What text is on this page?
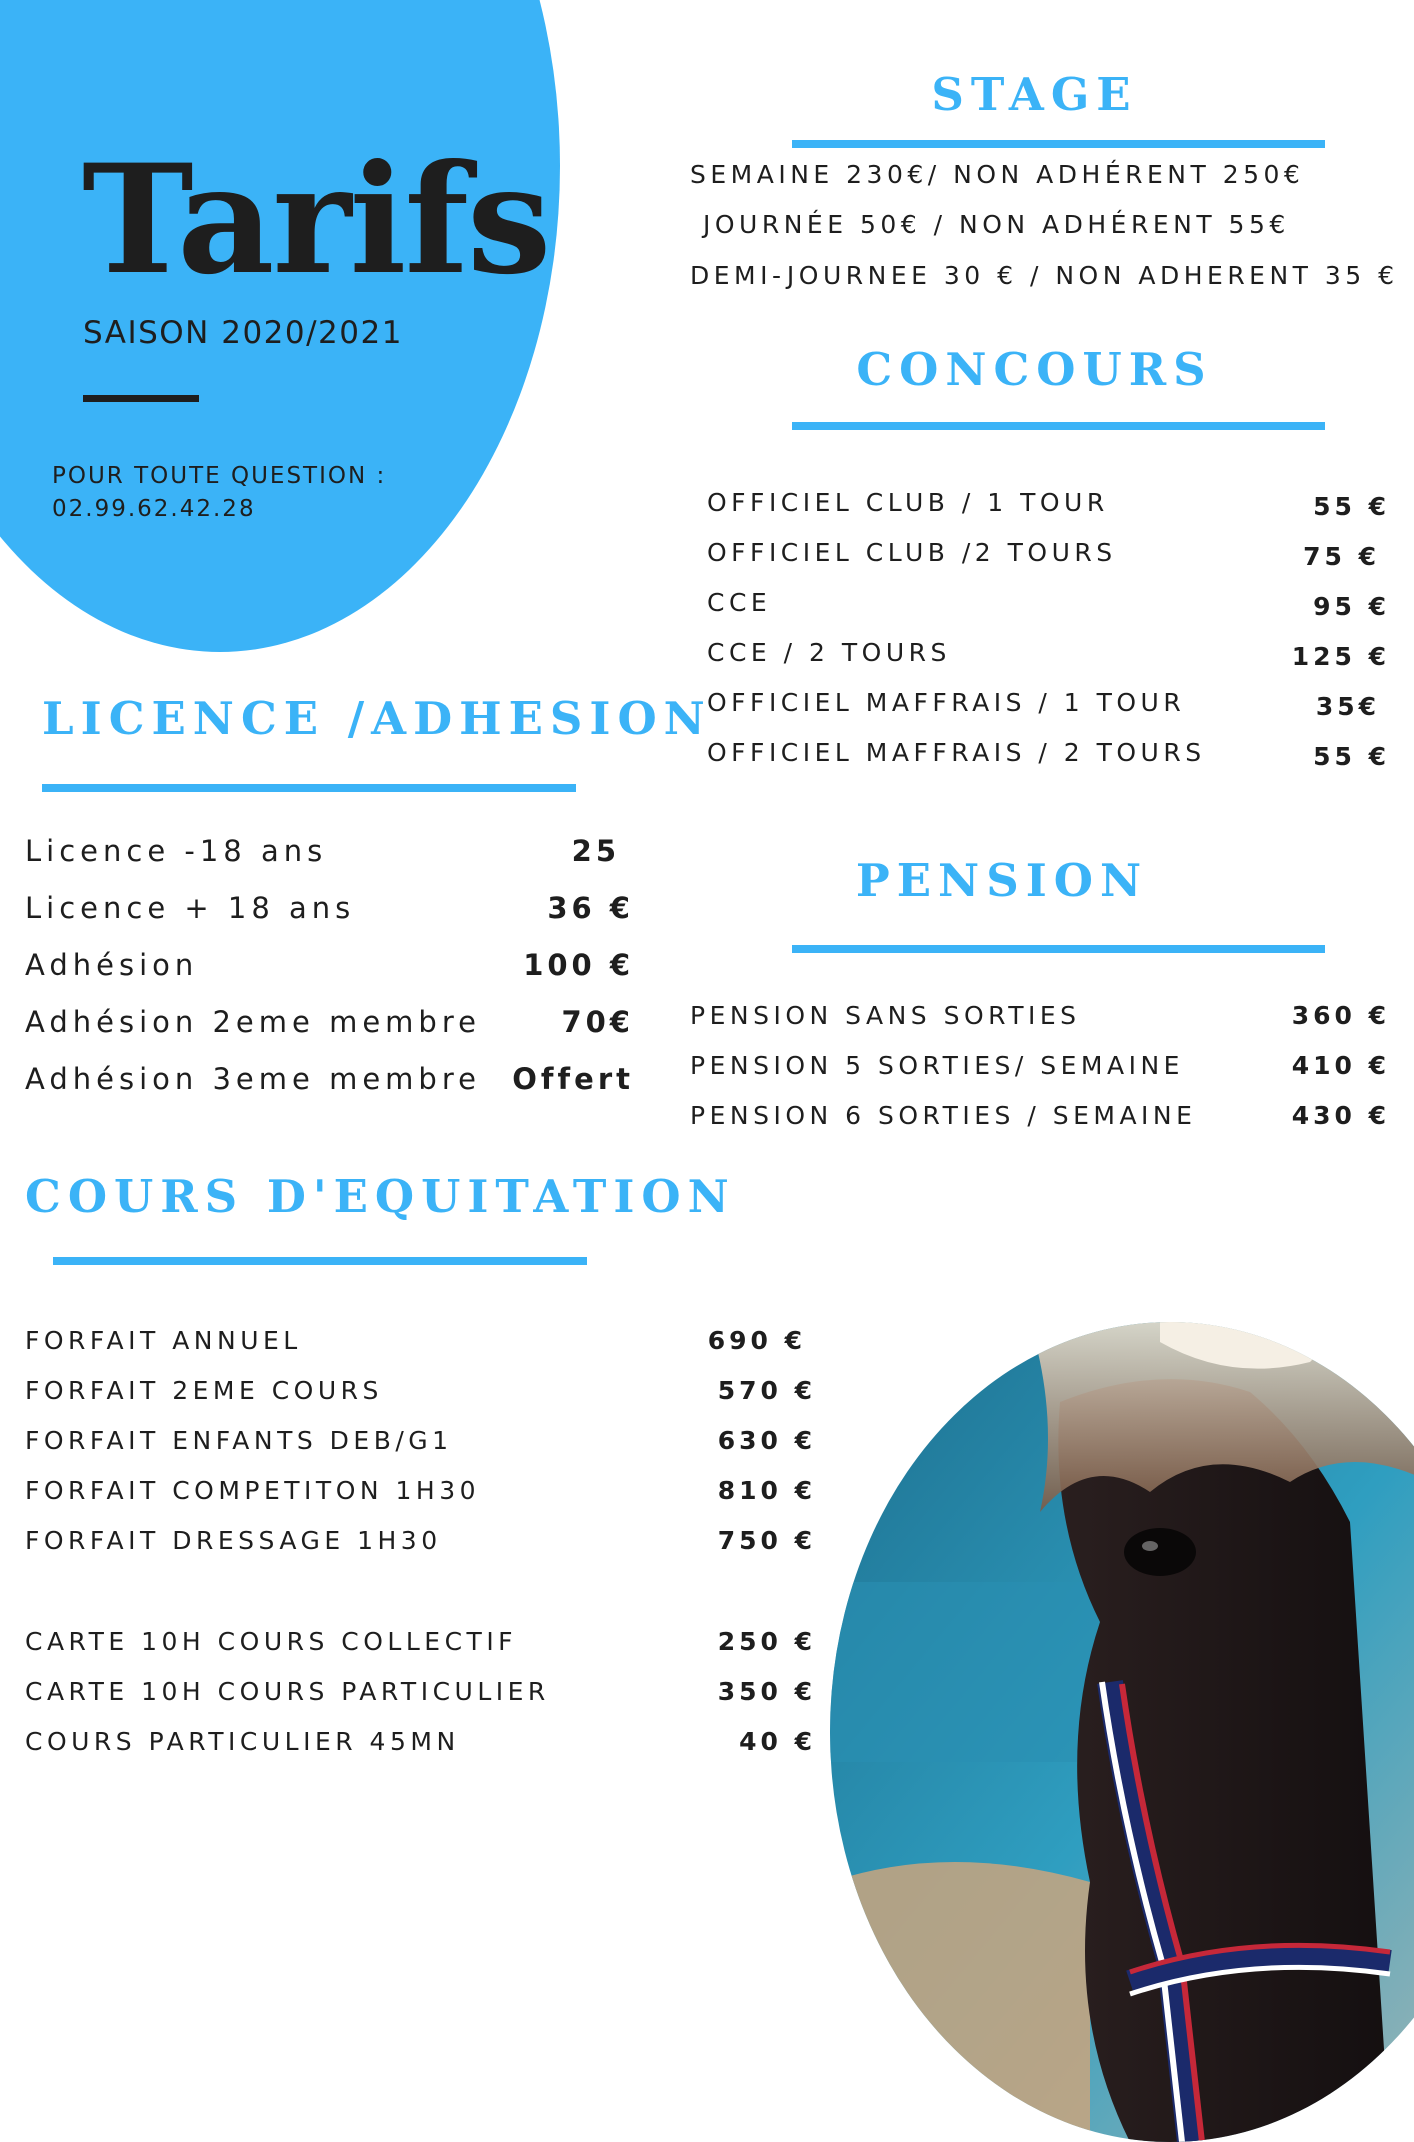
Tarifs
SAISON 2020/2021
POUR TOUTE QUESTION :
02.99.62.42.28
STAGE
SEMAINE 230€/ NON ADHÉRENT 250€
JOURNÉE 50€ / NON ADHÉRENT 55€
DEMI-JOURNEE 30 € / NON ADHERENT 35 €
CONCOURS
OFFICIEL CLUB / 1 TOUR	55 €
OFFICIEL CLUB /2 TOURS	75 €
CCE	95 €
CCE / 2 TOURS	125 €
OFFICIEL MAFFRAIS / 1 TOUR	35€
OFFICIEL MAFFRAIS / 2 TOURS	55 €
LICENCE /ADHESION
Licence -18 ans	25
Licence + 18 ans	36 €
Adhésion	100 €
Adhésion 2eme membre	70€
Adhésion 3eme membre	Offert
PENSION
PENSION SANS SORTIES	360 €
PENSION 5 SORTIES/ SEMAINE	410 €
PENSION 6 SORTIES / SEMAINE	430 €
COURS D'EQUITATION
FORFAIT ANNUEL	690 €
FORFAIT 2EME COURS	570 €
FORFAIT ENFANTS DEB/G1	630 €
FORFAIT COMPETITON 1H30	810 €
FORFAIT DRESSAGE 1H30	750 €
CARTE 10H COURS COLLECTIF	250 €
CARTE 10H COURS PARTICULIER	350 €
COURS PARTICULIER 45MN	40 €
